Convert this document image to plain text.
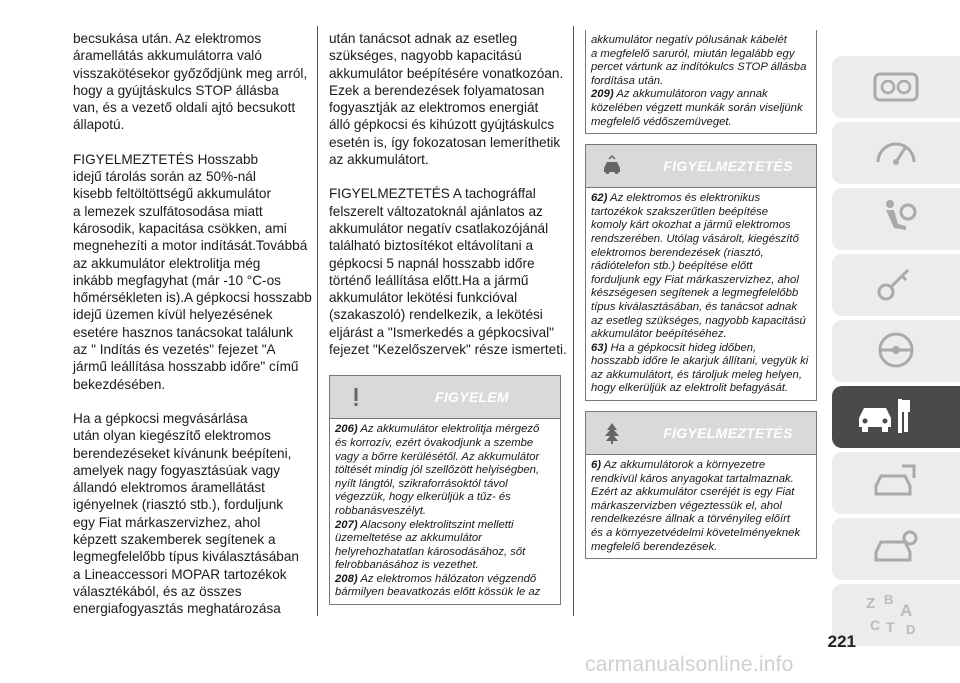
becsukása után. Az elektromos
áramellátás akkumulátorra való
visszakötésekor győződjünk meg arról,
hogy a gyújtáskulcs STOP állásba
van, és a vezető oldali ajtó becsukott
állapotú.

FIGYELMEZTETÉS Hosszabb
idejű tárolás során az 50%-nál
kisebb feltöltöttségű akkumulátor
a lemezek szulfátosodása miatt
károsodik, kapacitása csökken, ami
megnehezíti a motor indítását.Továbbá
az akkumulátor elektrolitja még
inkább megfagyhat (már -10 °C-os
hőmérsékleten is).A gépkocsi hosszabb
idejű üzemen kívül helyezésének
esetére hasznos tanácsokat találunk
az " Indítás és vezetés" fejezet "A
jármű leállítása hosszabb időre" című
bekezdésében.

Ha a gépkocsi megvásárlása
után olyan kiegészítő elektromos
berendezéseket kívánunk beépíteni,
amelyek nagy fogyasztásúak vagy
állandó elektromos áramellátást
igényelnek (riasztó stb.), forduljunk
egy Fiat márkaszervizhez, ahol
képzett szakemberek segítenek a
legmegfelelőbb típus kiválasztásában
a Lineaccessori MOPAR tartozékok
választékából, és az összes
energiafogyasztás meghatározása

után tanácsot adnak az esetleg
szükséges, nagyobb kapacitású
akkumulátor beépítésére vonatkozóan.
Ezek a berendezések folyamatosan
fogyasztják az elektromos energiát
álló gépkocsi és kihúzott gyújtáskulcs
esetén is, így fokozatosan lemeríthetik
az akkumulátort.

FIGYELMEZTETÉS A tachográffal
felszerelt változatoknál ajánlatos az
akkumulátor negatív csatlakozójánál
található biztosítékot eltávolítani a
gépkocsi 5 napnál hosszabb időre
történő leállítása előtt.Ha a jármű
akkumulátor lekötési funkcióval
(szakaszoló) rendelkezik, a lekötési
eljárást a "Ismerkedés a gépkocsival"
fejezet "Kezelőszervek" része ismerteti.

FIGYELEM
206) Az akkumulátor elektrolitja mérgező
és korrozív, ezért óvakodjunk a szembe
vagy a bőrre kerülésétől. Az akkumulátor
töltését mindig jól szellőzött helyiségben,
nyílt lángtól, szikraforrásoktól távol
végezzük, hogy elkerüljük a tűz- és
robbanásveszélyt.
207) Alacsony elektrolitszint melletti
üzemeltetése az akkumulátor
helyrehozhatatlan károsodásához, sőt
felrobbanásához is vezethet.
208) Az elektromos hálózaton végzendő
bármilyen beavatkozás előtt kössük le az
akkumulátor negatív pólusának kábelét
a megfelelő saruról, miután legalább egy
percet vártunk az indítókulcs STOP állásba
fordítása után.
209) Az akkumulátoron vagy annak
közelében végzett munkák során viseljünk
megfelelő védőszemüveget.
FIGYELMEZTETÉS
62) Az elektromos és elektronikus
tartozékok szakszerűtlen beépítése
komoly kárt okozhat a jármű elektromos
rendszerében. Utólag vásárolt, kiegészítő
elektromos berendezések (riasztó,
rádiótelefon stb.) beépítése előtt
forduljunk egy Fiat márkaszervizhez, ahol
készségesen segítenek a legmegfelelőbb
típus kiválasztásában, és tanácsot adnak
az esetleg szükséges, nagyobb kapacitású
akkumulátor beépítéséhez.
63) Ha a gépkocsit hideg időben,
hosszabb időre le akarjuk állítani, vegyük ki
az akkumulátort, és tároljuk meleg helyen,
hogy elkerüljük az elektrolit befagyását.
FIGYELMEZTETÉS
6) Az akkumulátorok a környezetre
rendkívül káros anyagokat tartalmaznak.
Ezért az akkumulátor cseréjét is egy Fiat
márkaszervizben végeztessük el, ahol
rendelkezésre állnak a törvényileg előírt
és a környezetvédelmi követelményeknek
megfelelő berendezések.
Z B
A
C T D
221
carmanualsonline.info
